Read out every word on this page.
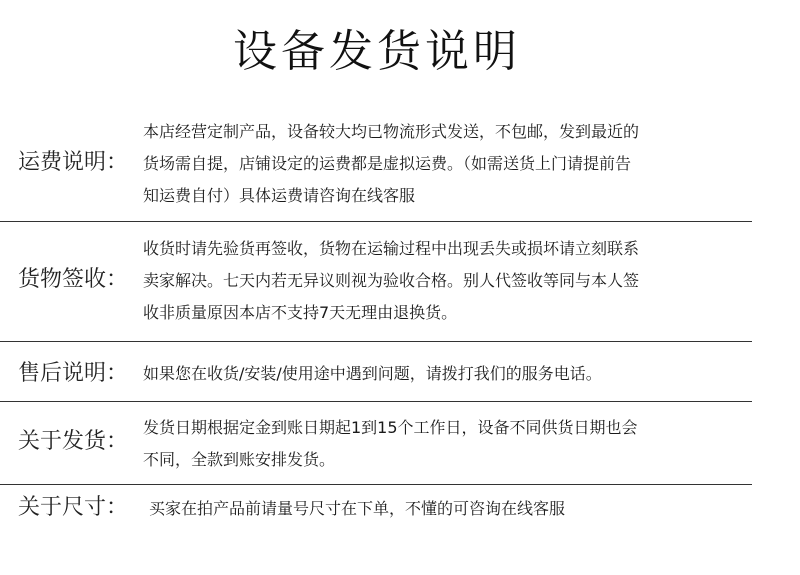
设备发货说明
运费说明：
本店经营定制产品，设备较大均已物流形式发送，不包邮，发到最近的
货场需自提，店铺设定的运费都是虚拟运费。（如需送货上门请提前告
知运费自付）具体运费请咨询在线客服
货物签收：
收货时请先验货再签收，货物在运输过程中出现丢失或损坏请立刻联系
卖家解决。七天内若无异议则视为验收合格。别人代签收等同与本人签
收非质量原因本店不支持7天无理由退换货。
售后说明： 如果您在收货/安装/使用途中遇到问题，请拨打我们的服务电话。
关于发货：
发货日期根据定金到账日期起1到15个工作日，设备不同供货日期也会
不同，全款到账安排发货。
关于尺寸： 买家在拍产品前请量号尺寸在下单，不懂的可咨询在线客服
